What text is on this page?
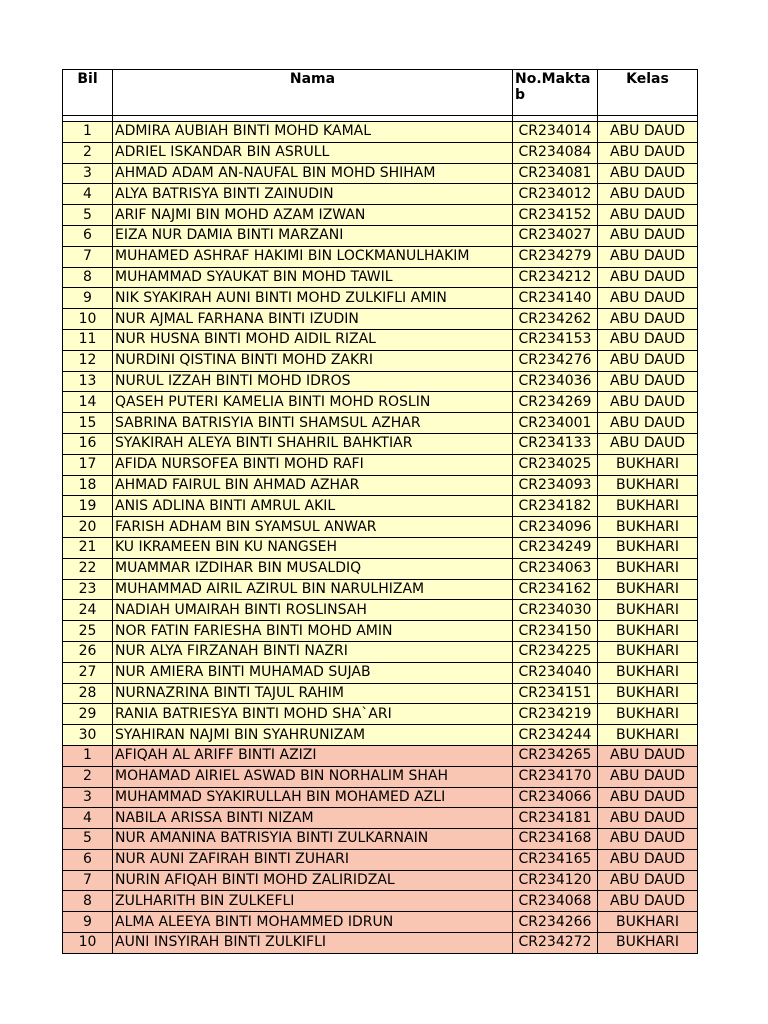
Bil	Nama	No.Maktab	Kelas

1	ADMIRA AUBIAH BINTI MOHD KAMAL	CR234014	ABU DAUD
2	ADRIEL ISKANDAR BIN ASRULL	CR234084	ABU DAUD
3	AHMAD ADAM AN-NAUFAL BIN MOHD SHIHAM	CR234081	ABU DAUD
4	ALYA BATRISYA BINTI ZAINUDIN	CR234012	ABU DAUD
5	ARIF NAJMI BIN MOHD AZAM IZWAN	CR234152	ABU DAUD
6	EIZA NUR DAMIA BINTI MARZANI	CR234027	ABU DAUD
7	MUHAMED ASHRAF HAKIMI BIN LOCKMANULHAKIM	CR234279	ABU DAUD
8	MUHAMMAD SYAUKAT BIN MOHD TAWIL	CR234212	ABU DAUD
9	NIK SYAKIRAH AUNI BINTI MOHD ZULKIFLI AMIN	CR234140	ABU DAUD
10	NUR AJMAL FARHANA BINTI IZUDIN	CR234262	ABU DAUD
11	NUR HUSNA BINTI MOHD AIDIL RIZAL	CR234153	ABU DAUD
12	NURDINI QISTINA BINTI MOHD ZAKRI	CR234276	ABU DAUD
13	NURUL IZZAH BINTI MOHD IDROS	CR234036	ABU DAUD
14	QASEH PUTERI KAMELIA BINTI MOHD ROSLIN	CR234269	ABU DAUD
15	SABRINA BATRISYIA BINTI SHAMSUL AZHAR	CR234001	ABU DAUD
16	SYAKIRAH ALEYA BINTI SHAHRIL BAHKTIAR	CR234133	ABU DAUD
17	AFIDA NURSOFEA BINTI MOHD RAFI	CR234025	BUKHARI
18	AHMAD FAIRUL BIN AHMAD AZHAR	CR234093	BUKHARI
19	ANIS ADLINA BINTI AMRUL AKIL	CR234182	BUKHARI
20	FARISH ADHAM BIN SYAMSUL ANWAR	CR234096	BUKHARI
21	KU IKRAMEEN BIN KU NANGSEH	CR234249	BUKHARI
22	MUAMMAR IZDIHAR BIN MUSALDIQ	CR234063	BUKHARI
23	MUHAMMAD AIRIL AZIRUL BIN NARULHIZAM	CR234162	BUKHARI
24	NADIAH UMAIRAH BINTI ROSLINSAH	CR234030	BUKHARI
25	NOR FATIN FARIESHA BINTI MOHD AMIN	CR234150	BUKHARI
26	NUR ALYA FIRZANAH BINTI NAZRI	CR234225	BUKHARI
27	NUR AMIERA BINTI MUHAMAD SUJAB	CR234040	BUKHARI
28	NURNAZRINA BINTI TAJUL RAHIM	CR234151	BUKHARI
29	RANIA BATRIESYA BINTI MOHD SHA`ARI	CR234219	BUKHARI
30	SYAHIRAN NAJMI BIN SYAHRUNIZAM	CR234244	BUKHARI
1	AFIQAH AL ARIFF BINTI AZIZI	CR234265	ABU DAUD
2	MOHAMAD AIRIEL ASWAD BIN NORHALIM SHAH	CR234170	ABU DAUD
3	MUHAMMAD SYAKIRULLAH BIN MOHAMED AZLI	CR234066	ABU DAUD
4	NABILA ARISSA BINTI NIZAM	CR234181	ABU DAUD
5	NUR AMANINA BATRISYIA BINTI ZULKARNAIN	CR234168	ABU DAUD
6	NUR AUNI ZAFIRAH BINTI ZUHARI	CR234165	ABU DAUD
7	NURIN AFIQAH BINTI MOHD ZALIRIDZAL	CR234120	ABU DAUD
8	ZULHARITH BIN ZULKEFLI	CR234068	ABU DAUD
9	ALMA ALEEYA BINTI MOHAMMED IDRUN	CR234266	BUKHARI
10	AUNI INSYIRAH BINTI ZULKIFLI	CR234272	BUKHARI
